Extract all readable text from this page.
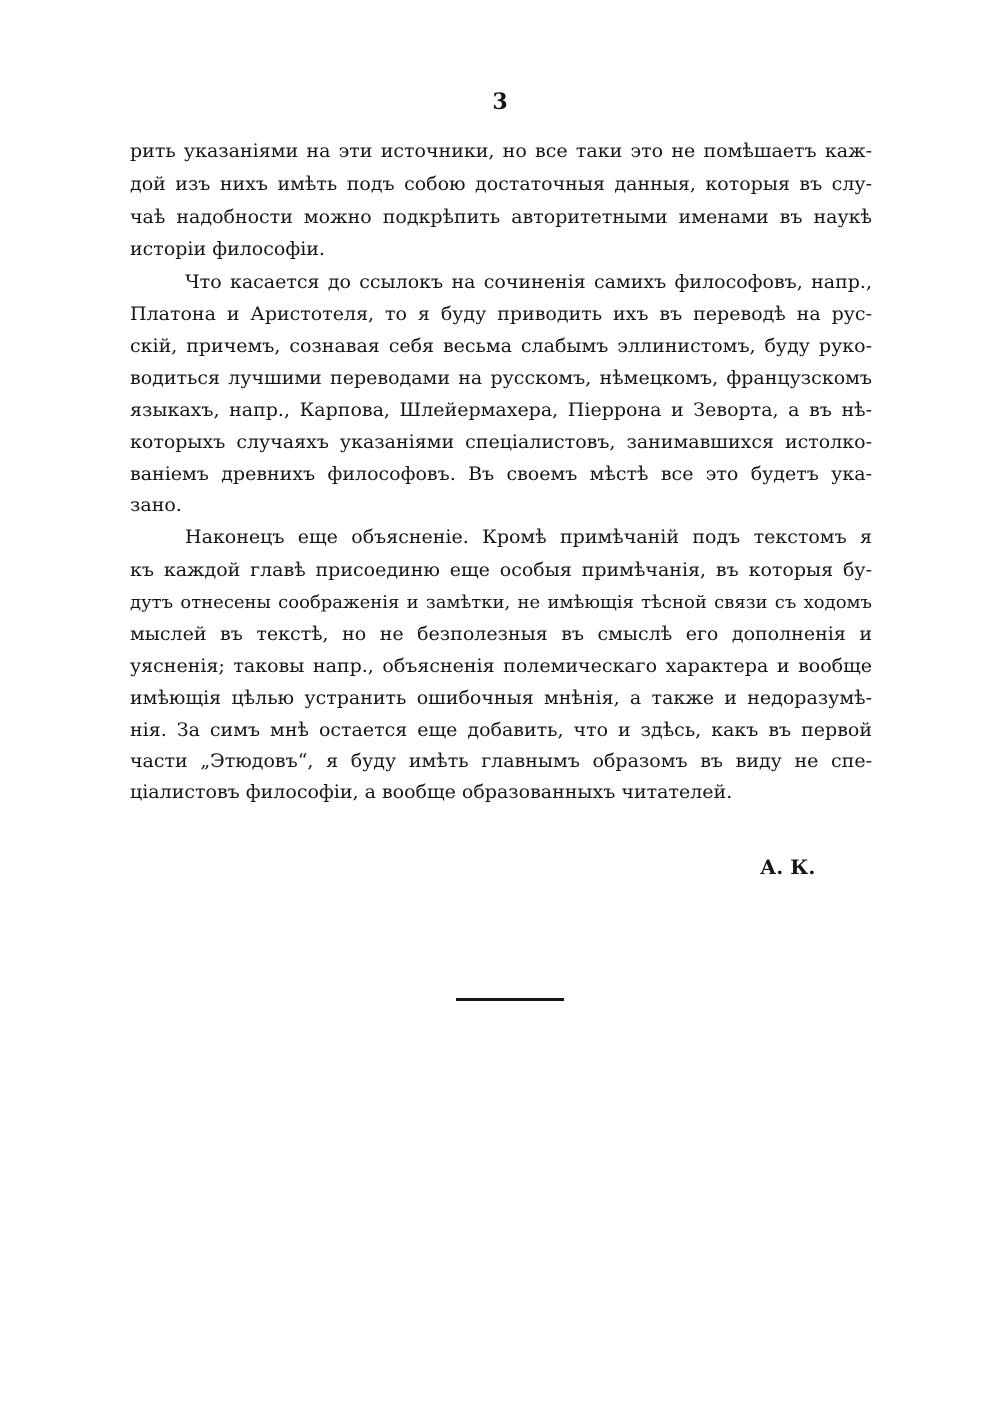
3
рить указаніями на эти источники, но все таки это не помѣшаетъ каж-
дой изъ нихъ имѣть подъ собою достаточныя данныя, которыя въ слу-
чаѣ надобности можно подкрѣпить авторитетными именами въ наукѣ
исторіи философіи.
Что касается до ссылокъ на сочиненія самихъ философовъ, напр.,
Платона и Аристотеля, то я буду приводить ихъ въ переводѣ на рус-
скій, причемъ, сознавая себя весьма слабымъ эллинистомъ, буду руко-
водиться лучшими переводами на русскомъ, нѣмецкомъ, французскомъ
языкахъ, напр., Карпова, Шлейермахера, Піеррона и Зеворта, а въ нѣ-
которыхъ случаяхъ указаніями спеціалистовъ, занимавшихся истолко-
ваніемъ древнихъ философовъ. Въ своемъ мѣстѣ все это будетъ ука-
зано.
Наконецъ еще объясненіе. Кромѣ примѣчаній подъ текстомъ я
къ каждой главѣ присоединю еще особыя примѣчанія, въ которыя бу-
дутъ отнесены соображенія и замѣтки, не имѣющія тѣсной связи съ ходомъ
мыслей въ текстѣ, но не безполезныя въ смыслѣ его дополненія и
уясненія; таковы напр., объясненія полемическаго характера и вообще
имѣющія цѣлью устранить ошибочныя мнѣнія, а также и недоразумѣ-
нія. За симъ мнѣ остается еще добавить, что и здѣсь, какъ въ первой
части „Этюдовъ“, я буду имѣть главнымъ образомъ въ виду не спе-
ціалистовъ философіи, а вообще образованныхъ читателей.
А. К.
